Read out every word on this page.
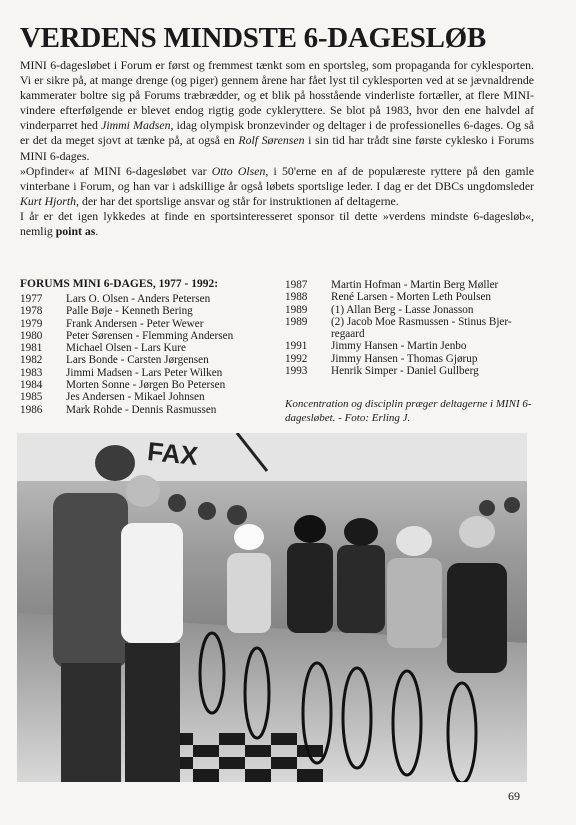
VERDENS MINDSTE 6-DAGESLØB

MINI 6-dagesløbet i Forum er først og fremmest tænkt som en sportsleg, som propaganda for cyklesporten. Vi er sikre på, at mange drenge (og piger) gennem årene har fået lyst til cyklesporten ved at se jævnaldrende kammerater boltre sig på Forums træbrædder, og et blik på hosstående vinderliste fortæller, at flere MINI-vindere efterfølgende er blevet endog rigtig gode cykleryttere. Se blot på 1983, hvor den ene halvdel af vinderparret hed Jimmi Madsen, idag olympisk bronzevinder og deltager i de professionelles 6-dages. Og så er det da meget sjovt at tænke på, at også en Rolf Sørensen i sin tid har trådt sine første cyklesko i Forums MINI 6-dages.

»Opfinder« af MINI 6-dagesløbet var Otto Olsen, i 50'erne en af de populæreste ryttere på den gamle vinterbane i Forum, og han var i adskillige år også løbets sportslige leder. I dag er det DBCs ungdomsleder Kurt Hjorth, der har det sportslige ansvar og står for instruktionen af deltagerne.

I år er det igen lykkedes at finde en sportsinteresseret sponsor til dette »verdens mindste 6-dagesløb«, nemlig point as.

FORUMS MINI 6-DAGES, 1977 - 1992:
1977	Lars O. Olsen - Anders Petersen
1978	Palle Bøje - Kenneth Bering
1979	Frank Andersen - Peter Wewer
1980	Peter Sørensen - Flemming Andersen
1981	Michael Olsen - Lars Kure
1982	Lars Bonde - Carsten Jørgensen
1983	Jimmi Madsen - Lars Peter Wilken
1984	Morten Sonne - Jørgen Bo Petersen
1985	Jes Andersen - Mikael Johnsen
1986	Mark Rohde - Dennis Rasmussen
1987	Martin Hofman - Martin Berg Møller
1988	René Larsen - Morten Leth Poulsen
1989	(1) Allan Berg - Lasse Jonasson
1989	(2) Jacob Moe Rasmussen - Stinus Bjer-
regaard
1991	Jimmy Hansen - Martin Jenbo
1992	Jimmy Hansen - Thomas Gjørup
1993	Henrik Simper - Daniel Gullberg

Koncentration og disciplin præger deltagerne i MINI 6-dagesløbet. - Foto: Erling J.

FAX
69
